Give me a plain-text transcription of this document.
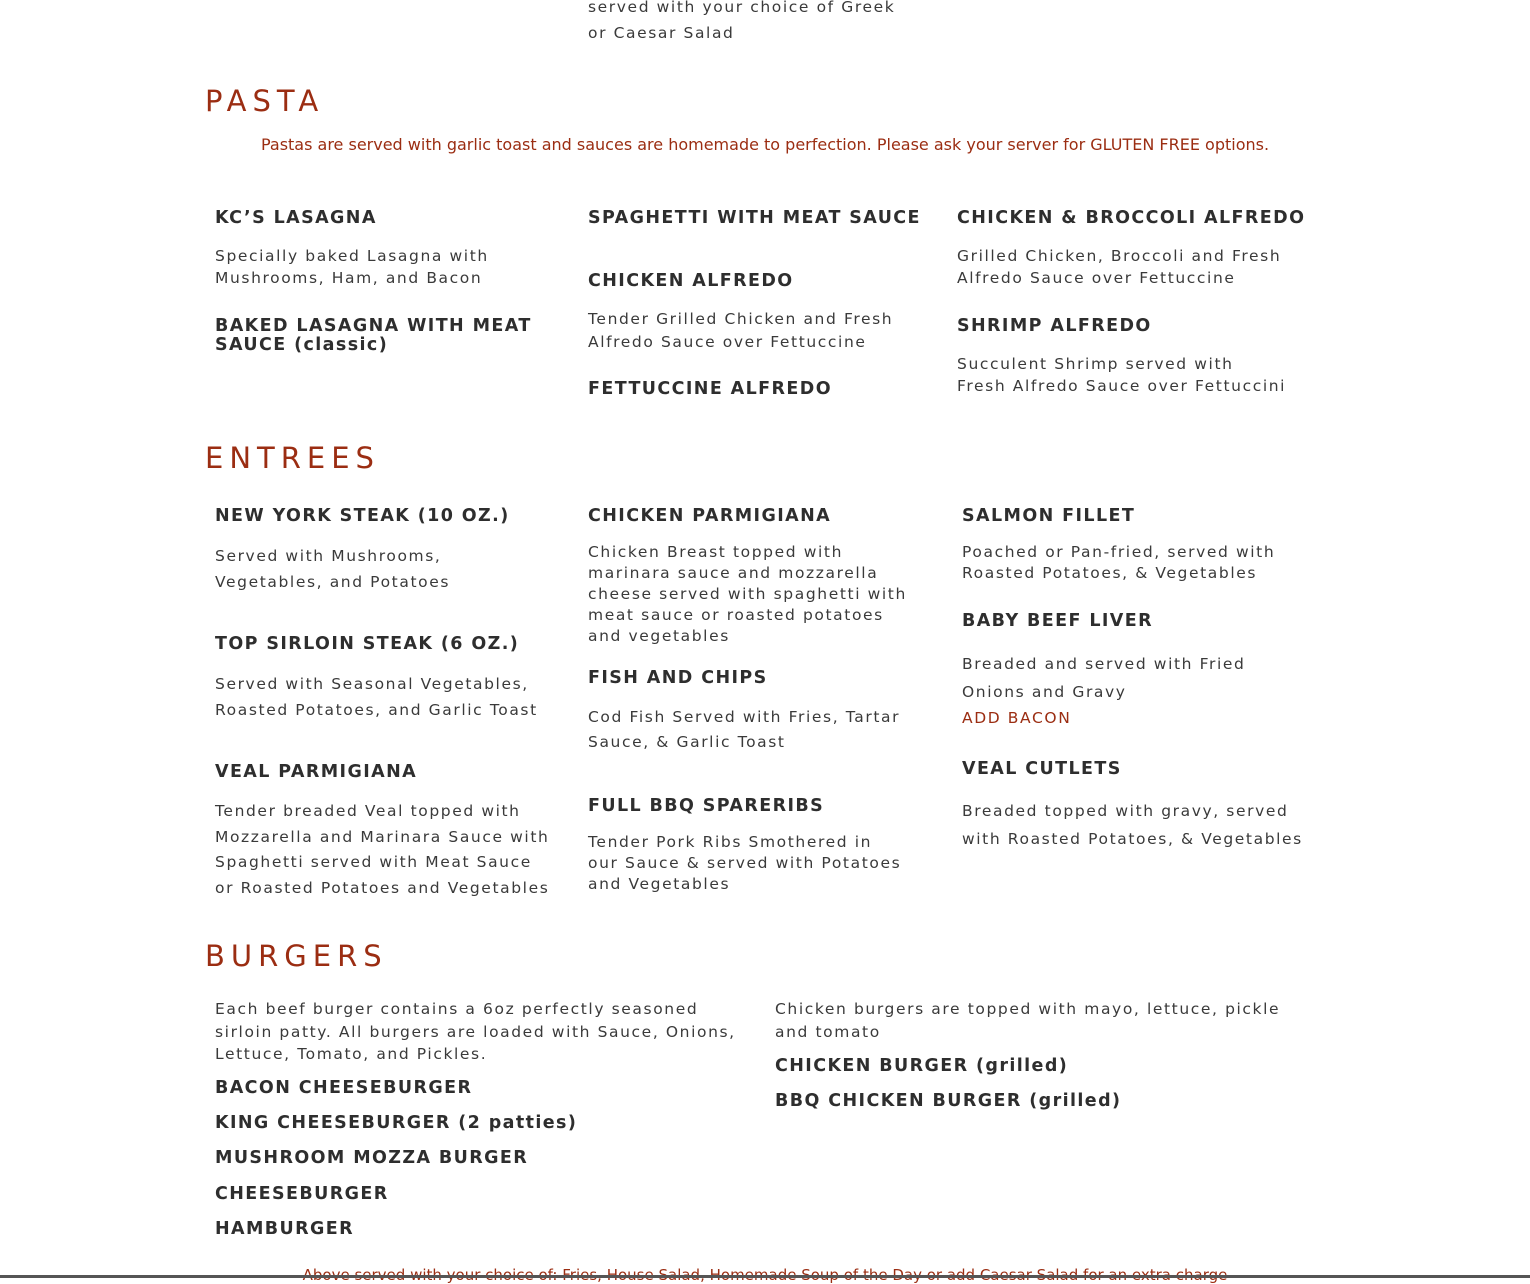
served with your choice of Greek or Caesar Salad
PASTA
Pastas are served with garlic toast and sauces are homemade to perfection. Please ask your server for GLUTEN FREE options.
KC’S LASAGNA
Specially baked Lasagna with Mushrooms, Ham, and Bacon
BAKED LASAGNA WITH MEAT SAUCE (classic)
SPAGHETTI WITH MEAT SAUCE
CHICKEN ALFREDO
Tender Grilled Chicken and Fresh Alfredo Sauce over Fettuccine
FETTUCCINE ALFREDO
CHICKEN & BROCCOLI ALFREDO
Grilled Chicken, Broccoli and Fresh Alfredo Sauce over Fettuccine
SHRIMP ALFREDO
Succulent Shrimp served with Fresh Alfredo Sauce over Fettuccini
ENTREES
NEW YORK STEAK (10 OZ.)
Served with Mushrooms, Vegetables, and Potatoes
TOP SIRLOIN STEAK (6 OZ.)
Served with Seasonal Vegetables, Roasted Potatoes, and Garlic Toast
VEAL PARMIGIANA
Tender breaded Veal topped with Mozzarella and Marinara Sauce with Spaghetti served with Meat Sauce or Roasted Potatoes and Vegetables
CHICKEN PARMIGIANA
Chicken Breast topped with marinara sauce and mozzarella cheese served with spaghetti with meat sauce or roasted potatoes and vegetables
FISH AND CHIPS
Cod Fish Served with Fries, Tartar Sauce, & Garlic Toast
FULL BBQ SPARERIBS
Tender Pork Ribs Smothered in our Sauce & served with Potatoes and Vegetables
SALMON FILLET
Poached or Pan-fried, served with Roasted Potatoes, & Vegetables
BABY BEEF LIVER
Breaded and served with Fried Onions and Gravy
ADD BACON
VEAL CUTLETS
Breaded topped with gravy, served with Roasted Potatoes, & Vegetables
BURGERS
Each beef burger contains a 6oz perfectly seasoned sirloin patty. All burgers are loaded with Sauce, Onions, Lettuce, Tomato, and Pickles.
BACON CHEESEBURGER
KING CHEESEBURGER (2 patties)
MUSHROOM MOZZA BURGER
CHEESEBURGER
HAMBURGER
Chicken burgers are topped with mayo, lettuce, pickle and tomato
CHICKEN BURGER (grilled)
BBQ CHICKEN BURGER (grilled)
